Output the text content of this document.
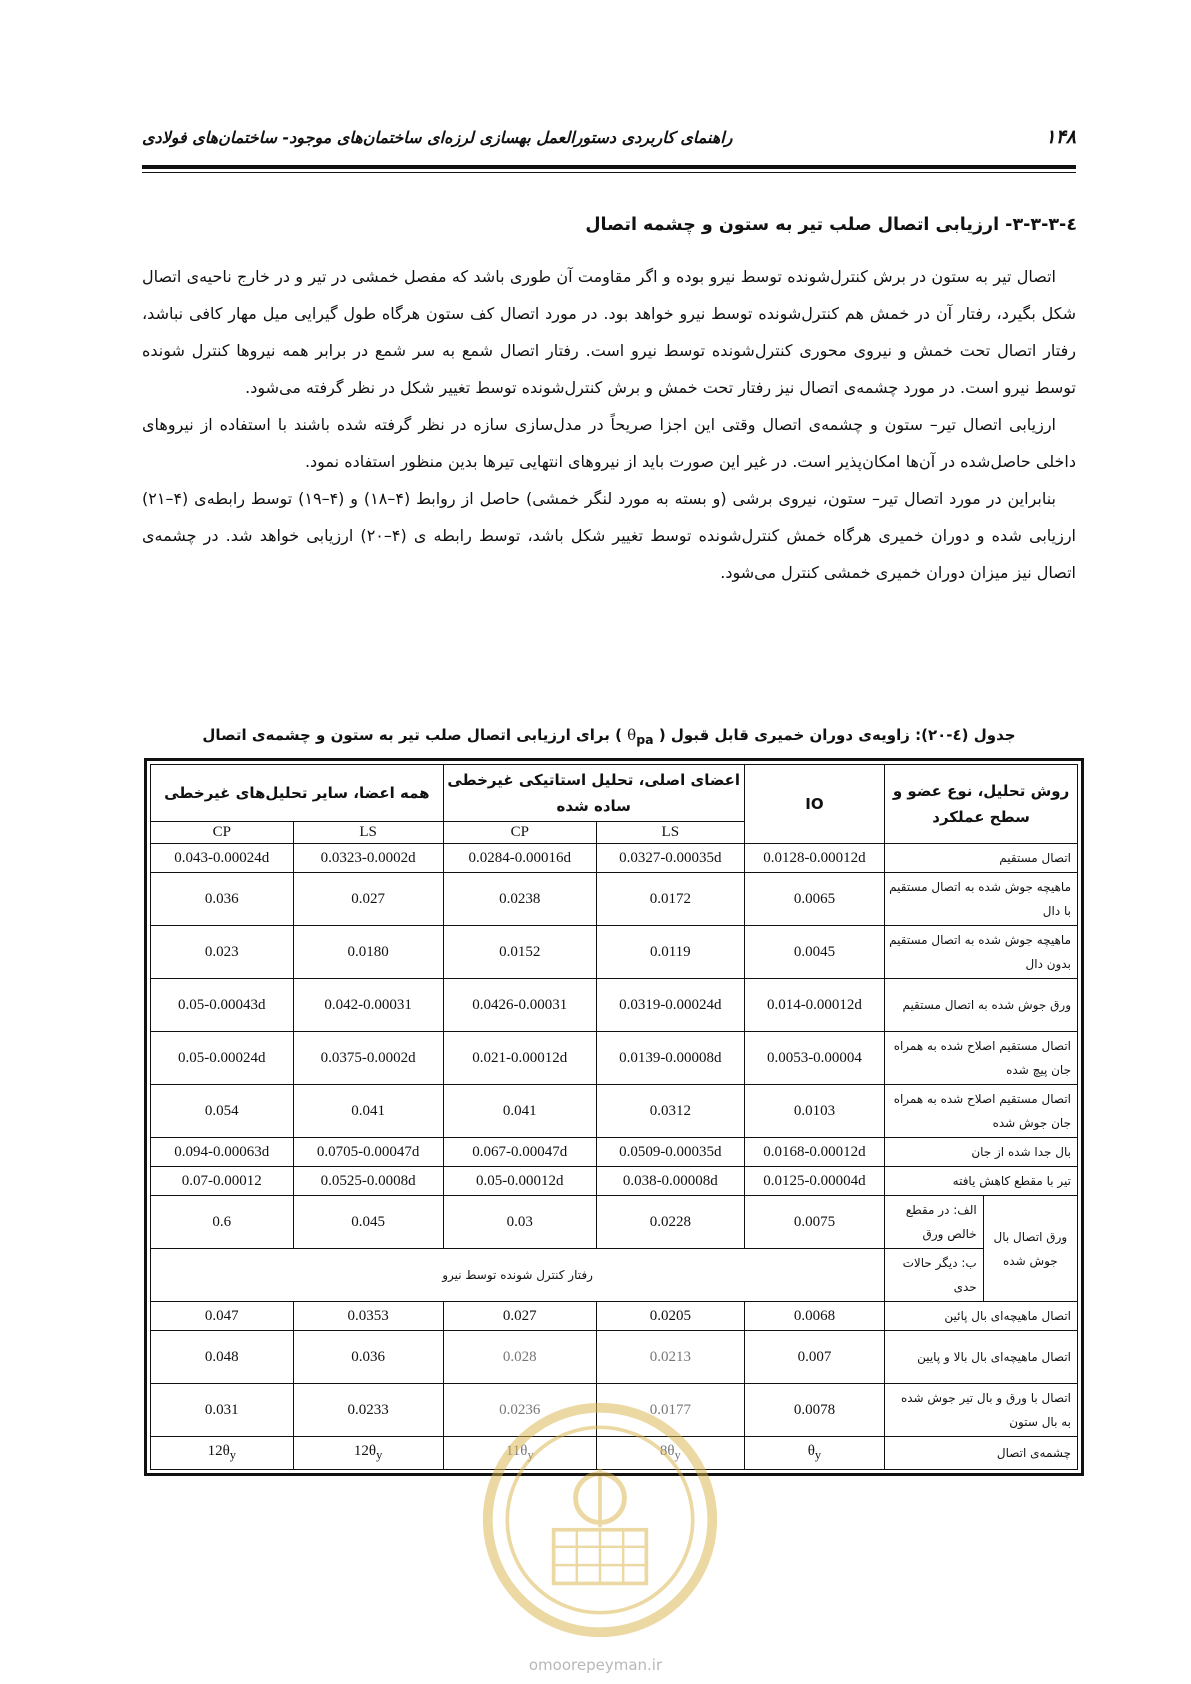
۱۴۸
راهنمای کاربردی دستورالعمل بهسازی لرزه‌ای ساختمان‌های موجود- ساختمان‌های فولادی
٤-٣-٣-٣- ارزیابی اتصال صلب تیر به ستون و چشمه اتصال

اتصال تیر به ستون در برش کنترل‌شونده توسط نیرو بوده و اگر مقاومت آن طوری باشد که مفصل خمشی در تیر و در خارج ناحیه‌ی اتصال شکل بگیرد، رفتار آن در خمش هم کنترل‌شونده توسط نیرو خواهد بود. در مورد اتصال کف ستون هرگاه طول گیرایی میل مهار کافی نباشد، رفتار اتصال تحت خمش و نیروی محوری کنترل‌شونده توسط نیرو است. رفتار اتصال شمع به سر شمع در برابر همه نیروها کنترل شونده توسط نیرو است. در مورد چشمه‌ی اتصال نیز رفتار تحت خمش و برش کنترل‌شونده توسط تغییر شکل در نظر گرفته می‌شود.

ارزیابی اتصال تیر– ستون و چشمه‌ی اتصال وقتی این اجزا صریحاً در مدل‌سازی سازه در نظر گرفته شده باشند با استفاده از نیروهای داخلی حاصل‌شده در آن‌ها امکان‌پذیر است. در غیر این صورت باید از نیروهای انتهایی تیرها بدین منظور استفاده نمود.

بنابراین در مورد اتصال تیر– ستون، نیروی برشی (و بسته به مورد لنگر خمشی) حاصل از روابط (۴–۱۸) و (۴–۱۹) توسط رابطه‌ی (۴–۲۱) ارزیابی شده و دوران خمیری هرگاه خمش کنترل‌شونده توسط تغییر شکل باشد، توسط رابطه ی (۴–۲۰) ارزیابی خواهد شد. در چشمه‌ی اتصال نیز میزان دوران خمیری خمشی کنترل می‌شود.

جدول (٤-٢٠): زاویه‌ی دوران خمیری قابل قبول ( $\theta_{pa}$ ) برای ارزیابی اتصال صلب تیر به ستون و چشمه‌ی اتصال
روش تحلیل، نوع عضو و سطح عملکرد		IO	اعضای اصلی، تحلیل استاتیکی غیرخطی ساده شده		همه اعضا، سایر تحلیل‌های غیرخطی	
			LS	CP	LS	CP
اتصال مستقیم		0.0128-0.00012d	0.0327-0.00035d	0.0284-0.00016d	0.0323-0.0002d	0.043-0.00024d
ماهیچه جوش شده به اتصال مستقیم با دال		0.0065	0.0172	0.0238	0.027	0.036
ماهیچه جوش شده به اتصال مستقیم بدون دال		0.0045	0.0119	0.0152	0.0180	0.023
ورق جوش شده به اتصال مستقیم		0.014-0.00012d	0.0319-0.00024d	0.0426-0.00031	0.042-0.00031	0.05-0.00043d
اتصال مستقیم اصلاح شده به همراه جان پیچ شده		0.0053-0.00004	0.0139-0.00008d	0.021-0.00012d	0.0375-0.0002d	0.05-0.00024d
اتصال مستقیم اصلاح شده به همراه جان جوش شده		0.0103	0.0312	0.041	0.041	0.054
بال جدا شده از جان		0.0168-0.00012d	0.0509-0.00035d	0.067-0.00047d	0.0705-0.00047d	0.094-0.00063d
تیر با مقطع کاهش یافته		0.0125-0.00004d	0.038-0.00008d	0.05-0.00012d	0.0525-0.0008d	0.07-0.00012
ورق اتصال بال جوش شده	الف: در مقطع خالص ورق	0.0075	0.0228	0.03	0.045	0.6
	ب: دیگر حالات حدی	رفتار کنترل شونده توسط نیرو				
اتصال ماهیچه‌ای بال پائین		0.0068	0.0205	0.027	0.0353	0.047
اتصال ماهیچه‌ای بال بالا و پایین		0.007	0.0213	0.028	0.036	0.048
اتصال با ورق و بال تیر جوش شده به بال ستون		0.0078	0.0177	0.0236	0.0233	0.031
چشمه‌ی اتصال		$\theta_y$	$8\theta_y$	$11\theta_y$	$12\theta_y$	$12\theta_y$
omoorepeyman.ir
